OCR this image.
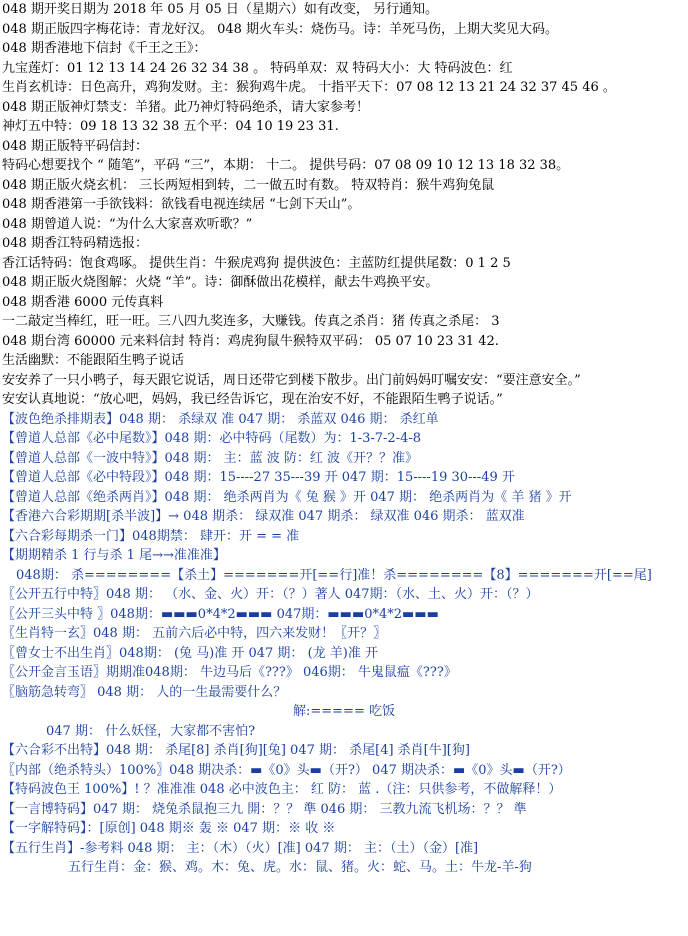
048 期开奖日期为 2018 年 05 月 05 日（星期六）如有改变， 另行通知。
048 期正版四字梅花诗：青龙好汉。 048 期火车头：烧伤马。诗：羊死马伤，上期大奖见大码。
048 期香港地下信封《千王之王》：
九宝莲灯：01 12 13 14 24 26 32 34 38 。 特码单双：双 特码大小：大 特码波色：红
生肖玄机诗：日色高升，鸡狗发财。主：猴狗鸡牛虎。 十指平天下：07 08 12 13 21 24 32 37 45 46 。
048 期正版神灯禁支：羊猪。此乃神灯特码绝杀，请大家参考！
神灯五中特：09 18 13 32 38 五个平：04 10 19 23 31.
048 期正版特平码信封：
特码心想要找个 “ 随笔”，平码 “三”，本期： 十二。 提供号码：07 08 09 10 12 13 18 32 38。
048 期正版火烧玄机： 三长两短相到转，二一做五时有数。 特双特肖：猴牛鸡狗兔鼠
048 期香港第一手欲钱料：欲钱看电视连续居 “七剑下天山”。
048 期曾道人说：“为什么大家喜欢听歌？”
048 期香江特码精选报：
香江话特码：饱食鸡啄。 提供生肖：牛猴虎鸡狗 提供波色：主蓝防红提供尾数：0 1 2 5
048 期正版火烧图解：火烧 “羊”。诗：御酥做出花模样，献去牛鸡换平安。
048 期香港 6000 元传真料
一二敲定当棒红，旺一旺。三八四九奖连多，大赚钱。传真之杀肖：猪 传真之杀尾： 3
048 期台湾 60000 元来料信封 特肖：鸡虎狗鼠牛猴特双平码： 05 07 10 23 31 42.
生活幽默：不能跟陌生鸭子说话
安安养了一只小鸭子，每天跟它说话，周日还带它到楼下散步。出门前妈妈叮嘱安安：“要注意安全。”
安安认真地说：“放心吧，妈妈，我已经告诉它，现在治安不好，不能跟陌生鸭子说话。”
【波色绝杀排期表】048 期： 杀绿双 准 047 期： 杀蓝双 046 期： 杀红单
【曾道人总部《必中尾数》】048 期：必中特码（尾数）为：1-3-7-2-4-8
【曾道人总部《一波中特》】048 期： 主：蓝 波 防：红 波《开？？准》
【曾道人总部《必中特段》】048 期：15----27 35---39 开 047 期：15----19 30---49 开
【曾道人总部《绝杀两肖》】048 期： 绝杀两肖为《 兔 猴 》开 047 期： 绝杀两肖为《 羊 猪 》开
【香港六合彩期期[杀半波]】→ 048 期杀： 绿双准 047 期杀： 绿双准 046 期杀： 蓝双准
【六合彩每期杀一门】048期禁： 肆开：开 = = 准
【期期精杀 1 行与杀 1 尾→→准准准】
048期： 杀========【杀土】=======开[==行]准！杀========【8】=======开[==尾]
〖公开五行中特〗048 期： （水、金、火）开：（？）著人 047期：（水、土、火）开：（？）
〖公开三头中特 〗048期：▬▬▬0*4*2▬▬▬ 047期：▬▬▬0*4*2▬▬▬
〖生肖特一玄〗048 期： 五前六后必中特，四六来发财！〖开？〗
〖曾女士不出生肖〗048期： (兔 马)准 开 047 期： (龙 羊)准 开
〖公开金言玉语〗期期准048期： 牛边马后《???》 046期： 牛鬼鼠瘟《???》
〖脑筋急转弯〗 048 期： 人的一生最需要什么？
解:===== 吃饭
047 期： 什么妖怪，大家都不害怕?
【六合彩不出特】048 期： 杀尾[8] 杀肖[狗][兔] 047 期： 杀尾[4] 杀肖[牛][狗]
〖内部（绝杀特头）100%〗048 期决杀：▬《0》头▬（开?） 047 期决杀：▬《0》头▬（开?）
【特码波色王 100%】! ？准准准 048 必中波色主： 红 防： 蓝 .（注：只供参考，不做解释！）
【一言博特码】047 期： 烧兔杀鼠抱三九 開：？？ 準 046 期： 三教九流飞机场：？？ 準
【一字解特码】：[原创] 048 期※ 轰 ※ 047 期：※ 收 ※
【五行生肖】-参考料 048 期： 主：（木）（火）[准] 047 期： 主：（土）（金）[准]
五行生肖：金：猴、鸡。木：兔、虎。水：鼠、猪。火：蛇、马。土：牛龙-羊-狗
